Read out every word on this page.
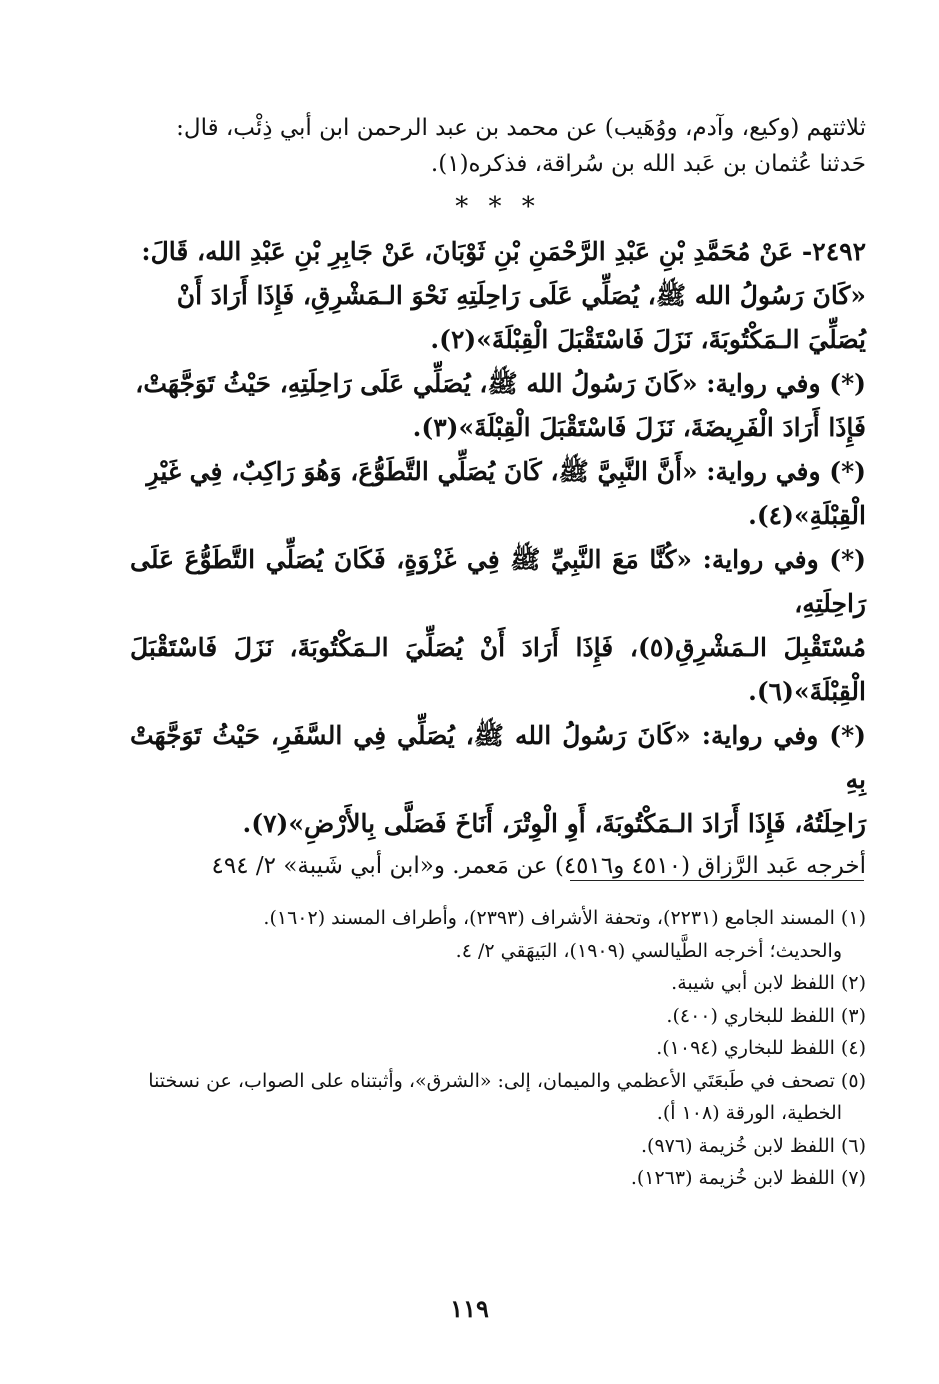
ثلاثتهم (وكيع، وآدم، ووُهَيب) عن محمد بن عبد الرحمن ابن أبي ذِئْب، قال:

حَدثنا عُثمان بن عَبد الله بن سُراقة، فذكره(١).

* * *

٢٤٩٢- عَنْ مُحَمَّدِ بْنِ عَبْدِ الرَّحْمَنِ بْنِ ثَوْبَانَ، عَنْ جَابِرِ بْنِ عَبْدِ الله، قَالَ:

«كَانَ رَسُولُ الله ﷺ، يُصَلِّي عَلَى رَاحِلَتِهِ نَحْوَ الـمَشْرِقِ، فَإِذَا أَرَادَ أَنْ

يُصَلِّيَ الـمَكْتُوبَةَ، نَزَلَ فَاسْتَقْبَلَ الْقِبْلَةَ»(٢).

(*) وفي رواية: «كَانَ رَسُولُ الله ﷺ، يُصَلِّي عَلَى رَاحِلَتِهِ، حَيْثُ تَوَجَّهَتْ،

فَإِذَا أَرَادَ الْفَرِيضَةَ، نَزَلَ فَاسْتَقْبَلَ الْقِبْلَةَ»(٣).

(*) وفي رواية: «أَنَّ النَّبِيَّ ﷺ، كَانَ يُصَلِّي التَّطَوُّعَ، وَهُوَ رَاكِبٌ، فِي غَيْرِ

الْقِبْلَةِ»(٤).

(*) وفي رواية: «كُنَّا مَعَ النَّبِيِّ ﷺ فِي غَزْوَةٍ، فَكَانَ يُصَلِّي التَّطَوُّعَ عَلَى رَاحِلَتِهِ،

مُسْتَقْبِلَ الـمَشْرِقِ(٥)، فَإِذَا أَرَادَ أَنْ يُصَلِّيَ الـمَكْتُوبَةَ، نَزَلَ فَاسْتَقْبَلَ الْقِبْلَةَ»(٦).

(*) وفي رواية: «كَانَ رَسُولُ الله ﷺ، يُصَلِّي فِي السَّفَرِ، حَيْثُ تَوَجَّهَتْ بِهِ

رَاحِلَتُهُ، فَإِذَا أَرَادَ الـمَكْتُوبَةَ، أَوِ الْوِتْرَ، أَنَاخَ فَصَلَّى بِالأَرْضِ»(٧).

أخرجه عَبد الرَّزاق (٤٥١٠ و٤٥١٦) عن مَعمر. و«ابن أبي شَيبة» ٢/ ٤٩٤

(١) المسند الجامع (٢٢٣١)، وتحفة الأشراف (٢٣٩٣)، وأطراف المسند (١٦٠٢).

والحديث؛ أخرجه الطَّيالسي (١٩٠٩)، البَيهَقي ٢/ ٤.

(٢) اللفظ لابن أبي شيبة.

(٣) اللفظ للبخاري (٤٠٠).

(٤) اللفظ للبخاري (١٠٩٤).

(٥) تصحف في طَبعَتَي الأعظمي والميمان، إلى: «الشرق»، وأثبتناه على الصواب، عن نسختنا

الخطية، الورقة (١٠٨ أ).

(٦) اللفظ لابن خُزيمة (٩٧٦).

(٧) اللفظ لابن خُزيمة (١٢٦٣).

١١٩
